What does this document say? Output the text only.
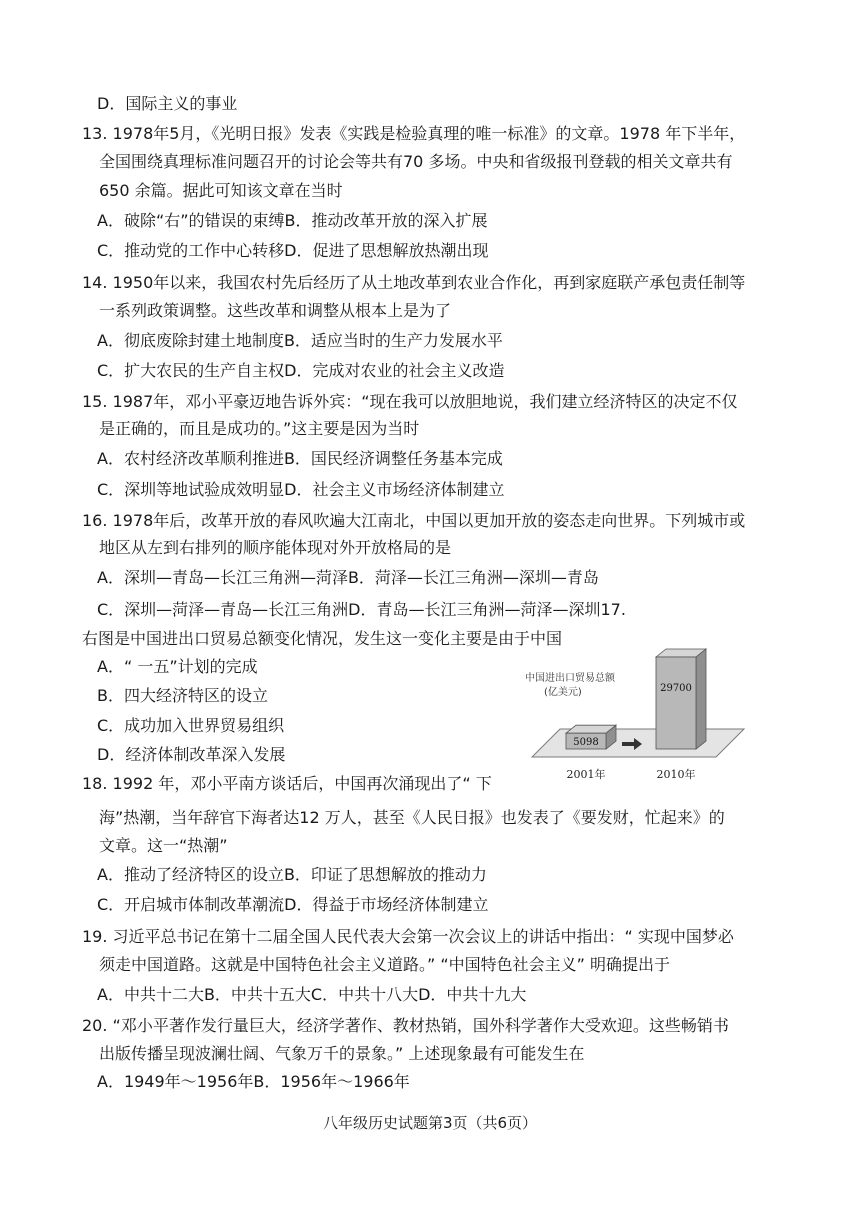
D．国际主义的事业
13. 1978年5月，《光明日报》发表《实践是检验真理的唯一标准》的文章。1978 年下半年，
全国围绕真理标准问题召开的讨论会等共有70 多场。中央和省级报刊登载的相关文章共有
650 余篇。据此可知该文章在当时
A．破除“右”的错误的束缚B．推动改革开放的深入扩展
C．推动党的工作中心转移D．促进了思想解放热潮出现
14. 1950年以来，我国农村先后经历了从土地改革到农业合作化，再到家庭联产承包责任制等
一系列政策调整。这些改革和调整从根本上是为了
A．彻底废除封建土地制度B．适应当时的生产力发展水平
C．扩大农民的生产自主权D．完成对农业的社会主义改造
15. 1987年，邓小平豪迈地告诉外宾：“现在我可以放胆地说，我们建立经济特区的决定不仅
是正确的，而且是成功的。”这主要是因为当时
A．农村经济改革顺利推进B．国民经济调整任务基本完成
C．深圳等地试验成效明显D．社会主义市场经济体制建立
16. 1978年后，改革开放的春风吹遍大江南北，中国以更加开放的姿态走向世界。下列城市或
地区从左到右排列的顺序能体现对外开放格局的是
A．深圳—青岛—长江三角洲—菏泽B．菏泽—长江三角洲—深圳—青岛
C．深圳—菏泽—青岛—长江三角洲D．青岛—长江三角洲—菏泽—深圳17.
右图是中国进出口贸易总额变化情况，发生这一变化主要是由于中国
A．“ 一五”计划的完成
B．四大经济特区的设立
C．成功加入世界贸易组织
D．经济体制改革深入发展
18. 1992 年，邓小平南方谈话后，中国再次涌现出了“ 下
海”热潮，当年辞官下海者达12 万人，甚至《人民日报》也发表了《要发财，忙起来》的
文章。这一“热潮”
A．推动了经济特区的设立B．印证了思想解放的推动力
C．开启城市体制改革潮流D．得益于市场经济体制建立
19. 习近平总书记在第十二届全国人民代表大会第一次会议上的讲话中指出：“ 实现中国梦必
须走中国道路。这就是中国特色社会主义道路。” “中国特色社会主义” 明确提出于
A．中共十二大B．中共十五大C．中共十八大D．中共十九大
20. “邓小平著作发行量巨大，经济学著作、教材热销，国外科学著作大受欢迎。这些畅销书
出版传播呈现波澜壮阔、气象万千的景象。” 上述现象最有可能发生在
A．1949年～1956年B．1956年～1966年
5098
29700
中国进出口贸易总额
(亿美元)
2001年	2010年
八年级历史试题第3页（共6页）
